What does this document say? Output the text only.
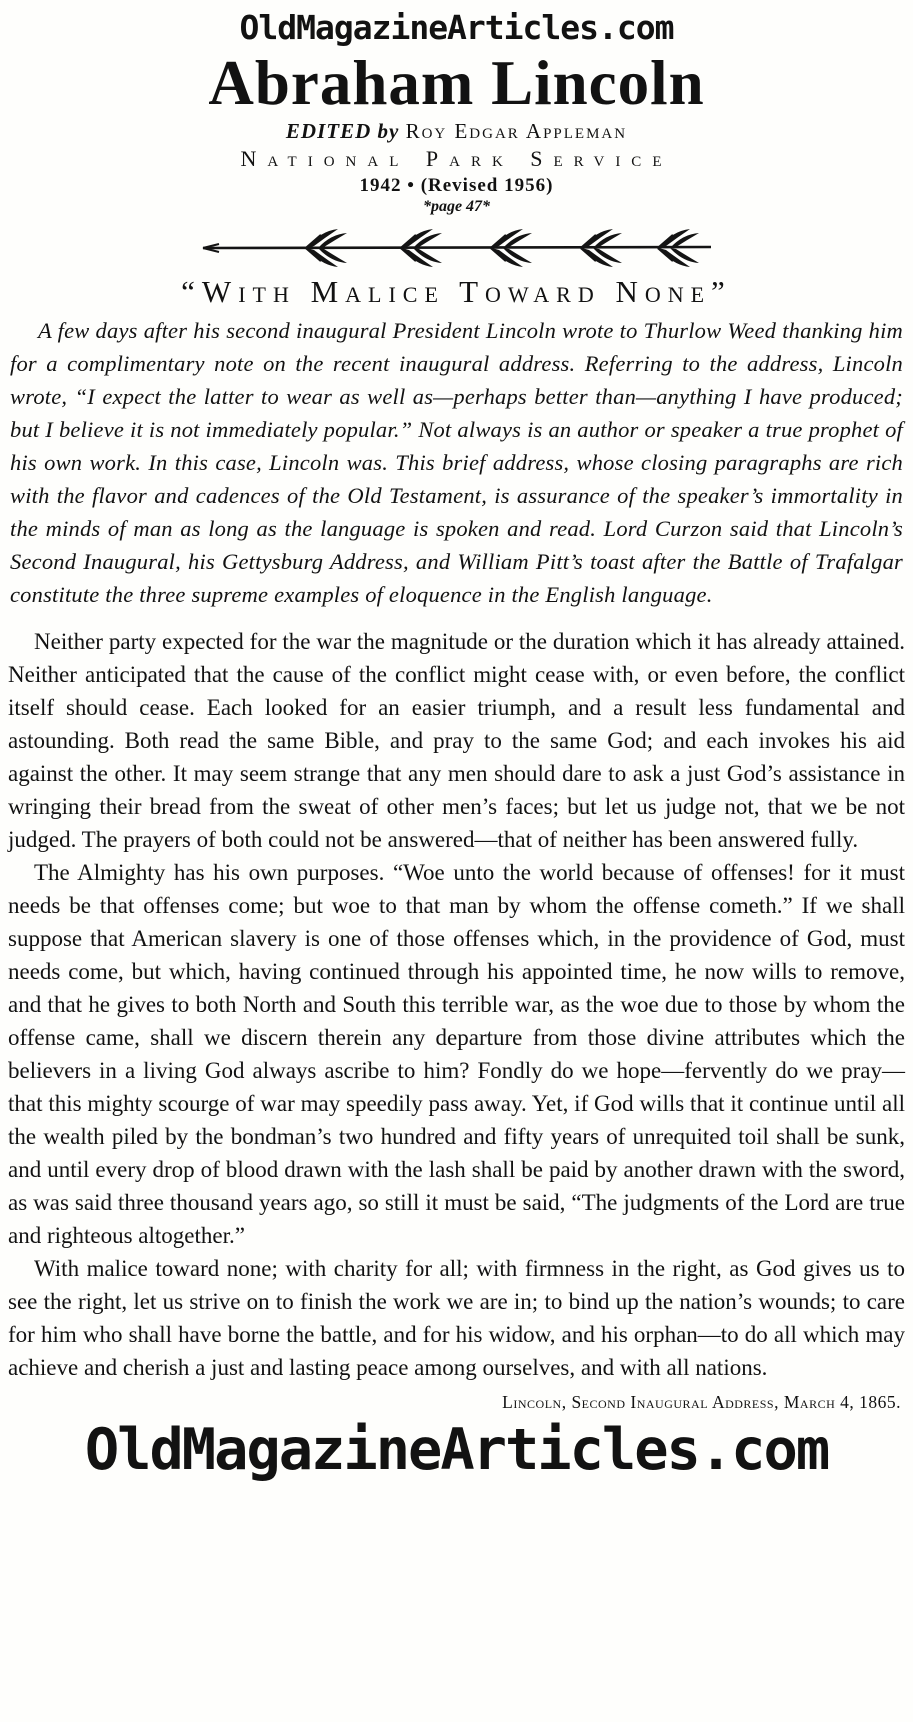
OldMagazineArticles.com
Abraham Lincoln
EDITED by Roy Edgar Appleman
National Park Service
1942 • (Revised 1956)
*page 47*
“With Malice Toward None”

A few days after his second inaugural President Lincoln wrote to Thurlow Weed thanking him for a complimentary note on the recent inaugural address. Referring to the address, Lincoln wrote, “I expect the latter to wear as well as—perhaps better than—anything I have produced; but I believe it is not immediately popular.” Not always is an author or speaker a true prophet of his own work. In this case, Lincoln was. This brief address, whose closing paragraphs are rich with the flavor and cadences of the Old Testament, is assurance of the speaker’s immortality in the minds of man as long as the language is spoken and read. Lord Curzon said that Lincoln’s Second Inaugural, his Gettysburg Address, and William Pitt’s toast after the Battle of Trafalgar constitute the three supreme examples of eloquence in the English language.

Neither party expected for the war the magnitude or the duration which it has already attained. Neither anticipated that the cause of the conflict might cease with, or even before, the conflict itself should cease. Each looked for an easier triumph, and a result less fundamental and astounding. Both read the same Bible, and pray to the same God; and each invokes his aid against the other. It may seem strange that any men should dare to ask a just God’s assistance in wringing their bread from the sweat of other men’s faces; but let us judge not, that we be not judged. The prayers of both could not be answered—that of neither has been answered fully.

The Almighty has his own purposes. “Woe unto the world because of offenses! for it must needs be that offenses come; but woe to that man by whom the offense cometh.” If we shall suppose that American slavery is one of those offenses which, in the providence of God, must needs come, but which, having continued through his appointed time, he now wills to remove, and that he gives to both North and South this terrible war, as the woe due to those by whom the offense came, shall we discern therein any departure from those divine attributes which the believers in a living God always ascribe to him? Fondly do we hope—fervently do we pray—that this mighty scourge of war may speedily pass away. Yet, if God wills that it continue until all the wealth piled by the bondman’s two hundred and fifty years of unrequited toil shall be sunk, and until every drop of blood drawn with the lash shall be paid by another drawn with the sword, as was said three thousand years ago, so still it must be said, “The judgments of the Lord are true and righteous altogether.”

With malice toward none; with charity for all; with firmness in the right, as God gives us to see the right, let us strive on to finish the work we are in; to bind up the nation’s wounds; to care for him who shall have borne the battle, and for his widow, and his orphan—to do all which may achieve and cherish a just and lasting peace among ourselves, and with all nations.

Lincoln, Second Inaugural Address, March 4, 1865.
OldMagazineArticles.com
